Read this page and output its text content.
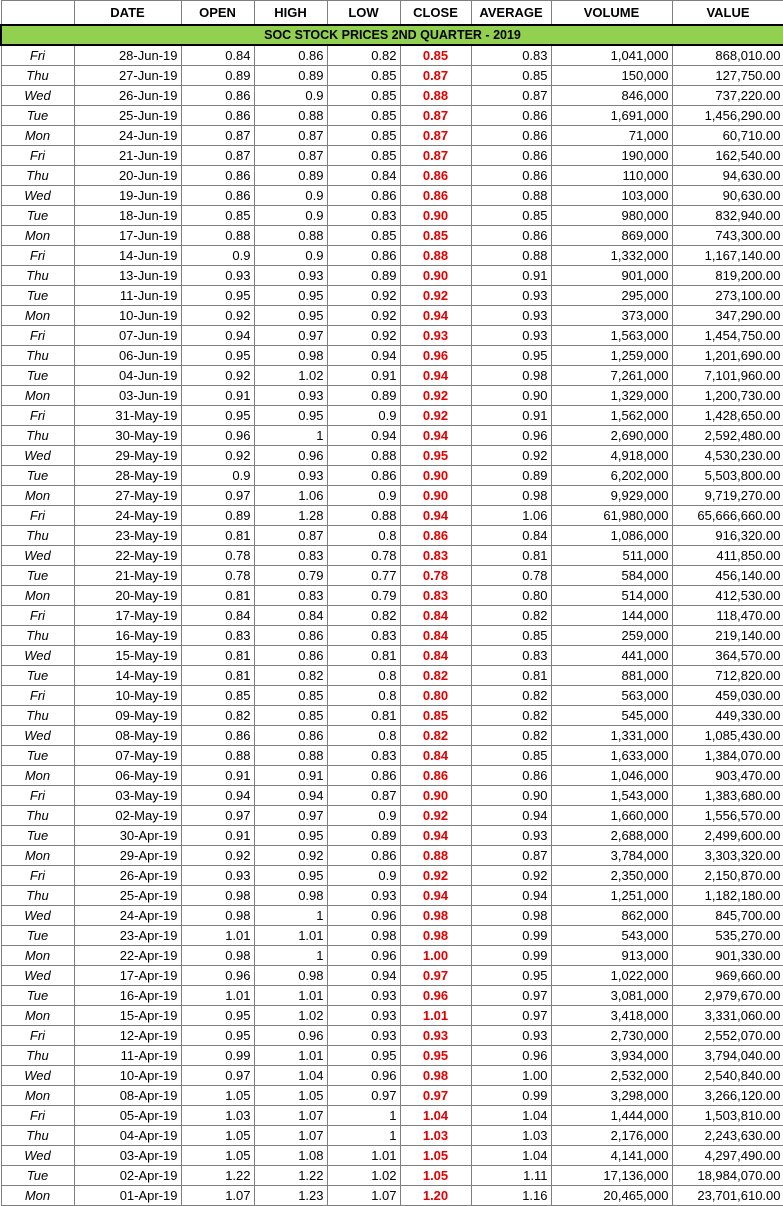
	DATE	OPEN	HIGH	LOW	CLOSE	AVERAGE	VOLUME	VALUE
SOC STOCK PRICES 2ND QUARTER - 2019								
Fri	28-Jun-19	0.84	0.86	0.82	0.85	0.83	1,041,000	868,010.00
Thu	27-Jun-19	0.89	0.89	0.85	0.87	0.85	150,000	127,750.00
Wed	26-Jun-19	0.86	0.9	0.85	0.88	0.87	846,000	737,220.00
Tue	25-Jun-19	0.86	0.88	0.85	0.87	0.86	1,691,000	1,456,290.00
Mon	24-Jun-19	0.87	0.87	0.85	0.87	0.86	71,000	60,710.00
Fri	21-Jun-19	0.87	0.87	0.85	0.87	0.86	190,000	162,540.00
Thu	20-Jun-19	0.86	0.89	0.84	0.86	0.86	110,000	94,630.00
Wed	19-Jun-19	0.86	0.9	0.86	0.86	0.88	103,000	90,630.00
Tue	18-Jun-19	0.85	0.9	0.83	0.90	0.85	980,000	832,940.00
Mon	17-Jun-19	0.88	0.88	0.85	0.85	0.86	869,000	743,300.00
Fri	14-Jun-19	0.9	0.9	0.86	0.88	0.88	1,332,000	1,167,140.00
Thu	13-Jun-19	0.93	0.93	0.89	0.90	0.91	901,000	819,200.00
Tue	11-Jun-19	0.95	0.95	0.92	0.92	0.93	295,000	273,100.00
Mon	10-Jun-19	0.92	0.95	0.92	0.94	0.93	373,000	347,290.00
Fri	07-Jun-19	0.94	0.97	0.92	0.93	0.93	1,563,000	1,454,750.00
Thu	06-Jun-19	0.95	0.98	0.94	0.96	0.95	1,259,000	1,201,690.00
Tue	04-Jun-19	0.92	1.02	0.91	0.94	0.98	7,261,000	7,101,960.00
Mon	03-Jun-19	0.91	0.93	0.89	0.92	0.90	1,329,000	1,200,730.00
Fri	31-May-19	0.95	0.95	0.9	0.92	0.91	1,562,000	1,428,650.00
Thu	30-May-19	0.96	1	0.94	0.94	0.96	2,690,000	2,592,480.00
Wed	29-May-19	0.92	0.96	0.88	0.95	0.92	4,918,000	4,530,230.00
Tue	28-May-19	0.9	0.93	0.86	0.90	0.89	6,202,000	5,503,800.00
Mon	27-May-19	0.97	1.06	0.9	0.90	0.98	9,929,000	9,719,270.00
Fri	24-May-19	0.89	1.28	0.88	0.94	1.06	61,980,000	65,666,660.00
Thu	23-May-19	0.81	0.87	0.8	0.86	0.84	1,086,000	916,320.00
Wed	22-May-19	0.78	0.83	0.78	0.83	0.81	511,000	411,850.00
Tue	21-May-19	0.78	0.79	0.77	0.78	0.78	584,000	456,140.00
Mon	20-May-19	0.81	0.83	0.79	0.83	0.80	514,000	412,530.00
Fri	17-May-19	0.84	0.84	0.82	0.84	0.82	144,000	118,470.00
Thu	16-May-19	0.83	0.86	0.83	0.84	0.85	259,000	219,140.00
Wed	15-May-19	0.81	0.86	0.81	0.84	0.83	441,000	364,570.00
Tue	14-May-19	0.81	0.82	0.8	0.82	0.81	881,000	712,820.00
Fri	10-May-19	0.85	0.85	0.8	0.80	0.82	563,000	459,030.00
Thu	09-May-19	0.82	0.85	0.81	0.85	0.82	545,000	449,330.00
Wed	08-May-19	0.86	0.86	0.8	0.82	0.82	1,331,000	1,085,430.00
Tue	07-May-19	0.88	0.88	0.83	0.84	0.85	1,633,000	1,384,070.00
Mon	06-May-19	0.91	0.91	0.86	0.86	0.86	1,046,000	903,470.00
Fri	03-May-19	0.94	0.94	0.87	0.90	0.90	1,543,000	1,383,680.00
Thu	02-May-19	0.97	0.97	0.9	0.92	0.94	1,660,000	1,556,570.00
Tue	30-Apr-19	0.91	0.95	0.89	0.94	0.93	2,688,000	2,499,600.00
Mon	29-Apr-19	0.92	0.92	0.86	0.88	0.87	3,784,000	3,303,320.00
Fri	26-Apr-19	0.93	0.95	0.9	0.92	0.92	2,350,000	2,150,870.00
Thu	25-Apr-19	0.98	0.98	0.93	0.94	0.94	1,251,000	1,182,180.00
Wed	24-Apr-19	0.98	1	0.96	0.98	0.98	862,000	845,700.00
Tue	23-Apr-19	1.01	1.01	0.98	0.98	0.99	543,000	535,270.00
Mon	22-Apr-19	0.98	1	0.96	1.00	0.99	913,000	901,330.00
Wed	17-Apr-19	0.96	0.98	0.94	0.97	0.95	1,022,000	969,660.00
Tue	16-Apr-19	1.01	1.01	0.93	0.96	0.97	3,081,000	2,979,670.00
Mon	15-Apr-19	0.95	1.02	0.93	1.01	0.97	3,418,000	3,331,060.00
Fri	12-Apr-19	0.95	0.96	0.93	0.93	0.93	2,730,000	2,552,070.00
Thu	11-Apr-19	0.99	1.01	0.95	0.95	0.96	3,934,000	3,794,040.00
Wed	10-Apr-19	0.97	1.04	0.96	0.98	1.00	2,532,000	2,540,840.00
Mon	08-Apr-19	1.05	1.05	0.97	0.97	0.99	3,298,000	3,266,120.00
Fri	05-Apr-19	1.03	1.07	1	1.04	1.04	1,444,000	1,503,810.00
Thu	04-Apr-19	1.05	1.07	1	1.03	1.03	2,176,000	2,243,630.00
Wed	03-Apr-19	1.05	1.08	1.01	1.05	1.04	4,141,000	4,297,490.00
Tue	02-Apr-19	1.22	1.22	1.02	1.05	1.11	17,136,000	18,984,070.00
Mon	01-Apr-19	1.07	1.23	1.07	1.20	1.16	20,465,000	23,701,610.00
